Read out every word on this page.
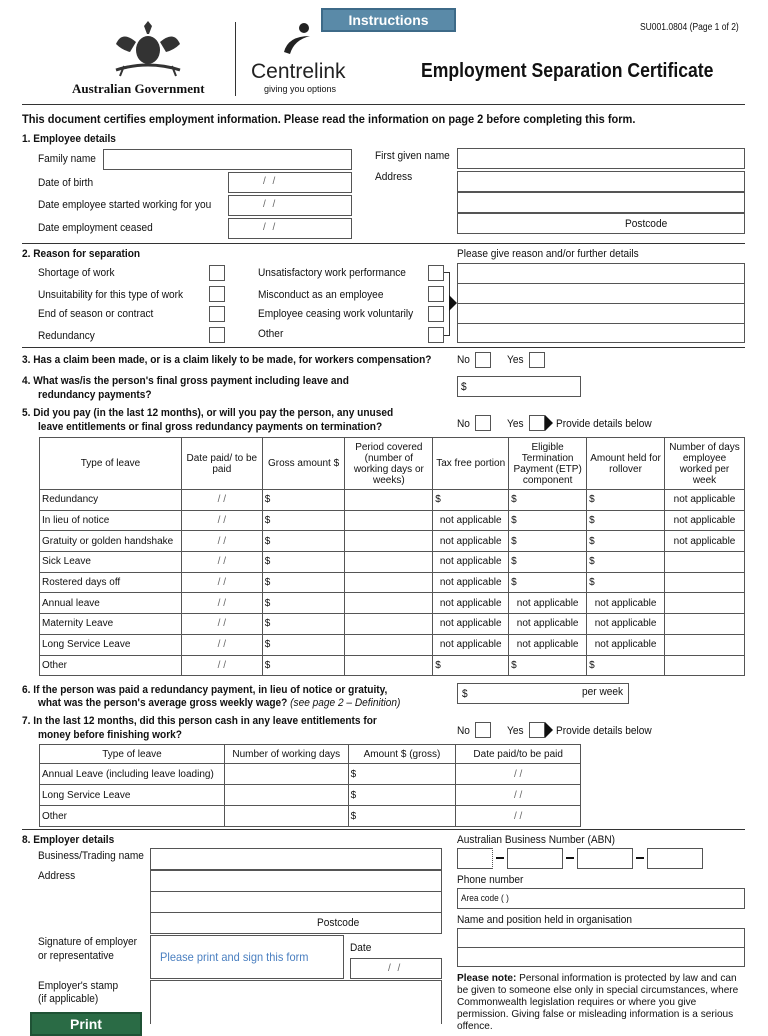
Instructions	SU001.0804 (Page 1 of 2)
Australian Government
Centrelink
giving you options
Employment Separation Certificate
This document certifies employment information. Please read the information on page 2 before completing this form.
1. Employee details
Family name	First given name
Date of birth	/ /	Address
Date employee started working for you	/ /
Postcode
Date employment ceased	/ /
2. Reason for separation	Please give reason and/or further details
Shortage of work
Unsuitability for this type of work
End of season or contract
Redundancy
Unsatisfactory work performance
Misconduct as an employee
Employee ceasing work voluntarily
Other
3. Has a claim been made, or is a claim likely to be made, for workers compensation? No	Yes
4. What was/is the person's final gross payment including leave and
redundancy payments?
$
5. Did you pay (in the last 12 months), or will you pay the person, any unused
leave entitlements or final gross redundancy payments on termination?	No	Yes	Provide details below
Type of leave	Date paid/ to be paid	Gross amount $	Period covered (number of working days or weeks)	Tax free portion	Eligible Termination Payment (ETP) component	Amount held for rollover	Number of days employee worked per week
Redundancy	/ /	$		$	$	$	not applicable
In lieu of notice	/ /	$		not applicable	$	$	not applicable
Gratuity or golden handshake	/ /	$		not applicable	$	$	not applicable
Sick Leave	/ /	$		not applicable	$	$	
Rostered days off	/ /	$		not applicable	$	$	
Annual leave	/ /	$		not applicable	not applicable	not applicable	
Maternity Leave	/ /	$		not applicable	not applicable	not applicable	
Long Service Leave	/ /	$		not applicable	not applicable	not applicable	
Other	/ /	$		$	$	$	
6. If the person was paid a redundancy payment, in lieu of notice or gratuity,
what was the person's average gross weekly wage? (see page 2 – Definition)
$	per week
7. In the last 12 months, did this person cash in any leave entitlements for
money before finishing work?	No	Yes	Provide details below
Type of leave	Number of working days	Amount $ (gross)	Date paid/to be paid
Annual Leave (including leave loading)		$	/ /
Long Service Leave		$	/ /
Other		$	/ /
8. Employer details
Business/Trading name
Address
Postcode
Signature of employer
or representative	Please print and sign this form
Date
/ /
Employer's stamp
(if applicable)
Australian Business Number (ABN)
Phone number
Area code ( )
Name and position held in organisation
Please note: Personal information is protected by law and can be given to someone else only in special circumstances, where Commonwealth legislation requires or where you give permission. Giving false or misleading information is a serious offence.
Print
